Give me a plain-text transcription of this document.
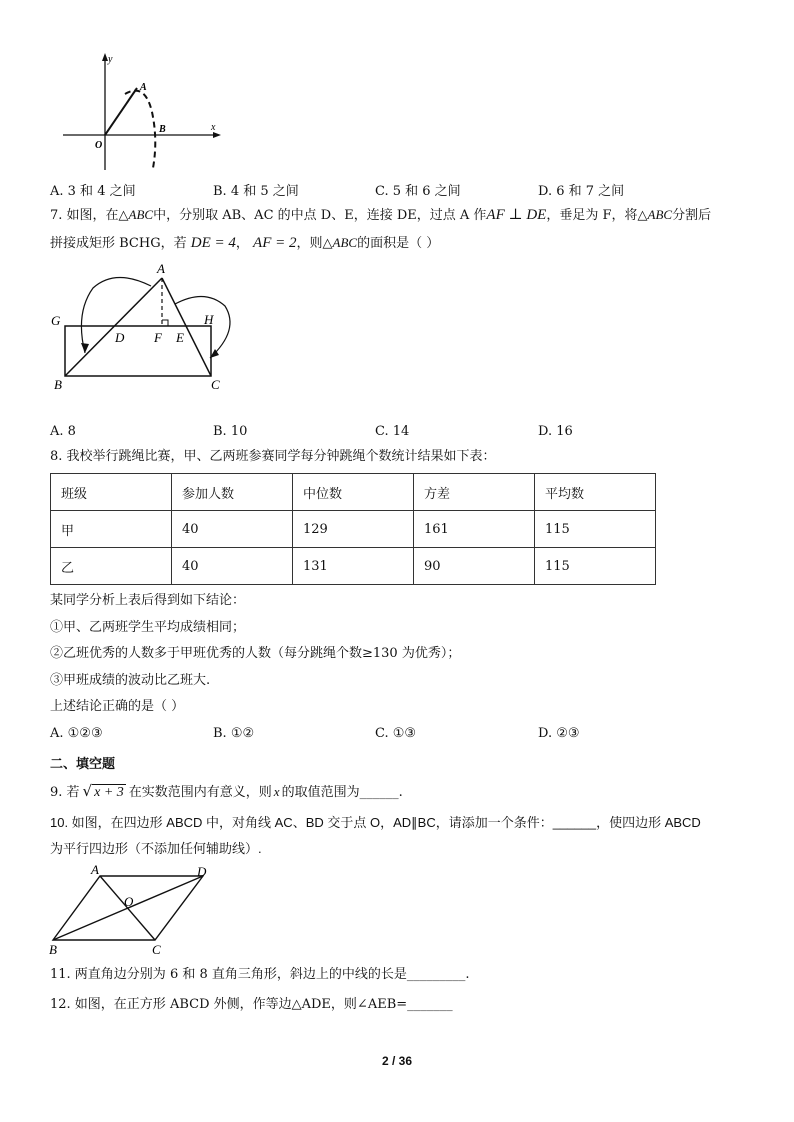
y
x
O
A
B
A. 3 和 4 之间	B. 4 和 5 之间	C. 5 和 6 之间	D. 6 和 7 之间
7. 如图，在△ABC中，分别取 AB、AC 的中点 D、E，连接 DE，过点 A 作AF ⊥ DE，垂足为 F，将△ABC分割后
拼接成矩形 BCHG，若 DE = 4， AF = 2，则△ABC的面积是（ ）
A
G	H
D F E
B	C
A. 8	B. 10	C. 14	D. 16
8. 我校举行跳绳比赛，甲、乙两班参赛同学每分钟跳绳个数统计结果如下表：
班级	参加人数	中位数	方差	平均数
甲	40	129	161	115
乙	40	131	90	115
某同学分析上表后得到如下结论：
①甲、乙两班学生平均成绩相同；
②乙班优秀的人数多于甲班优秀的人数（每分跳绳个数≥130 为优秀）；
③甲班成绩的波动比乙班大.
上述结论正确的是（ ）
A. ①②③	B. ①②	C. ①③	D. ②③
二、填空题
9. 若 √ x + 3 在实数范围内有意义，则 x 的取值范围为______.
10. 如图，在四边形 ABCD 中，对角线 AC、BD 交于点 O，AD∥BC，请添加一个条件：______，使四边形 ABCD
为平行四边形（不添加任何辅助线）.
A	D
O
B	C
11. 两直角边分别为 6 和 8 直角三角形，斜边上的中线的长是_________.
12. 如图，在正方形 ABCD 外侧，作等边△ADE，则∠AEB=_______
2 / 36
